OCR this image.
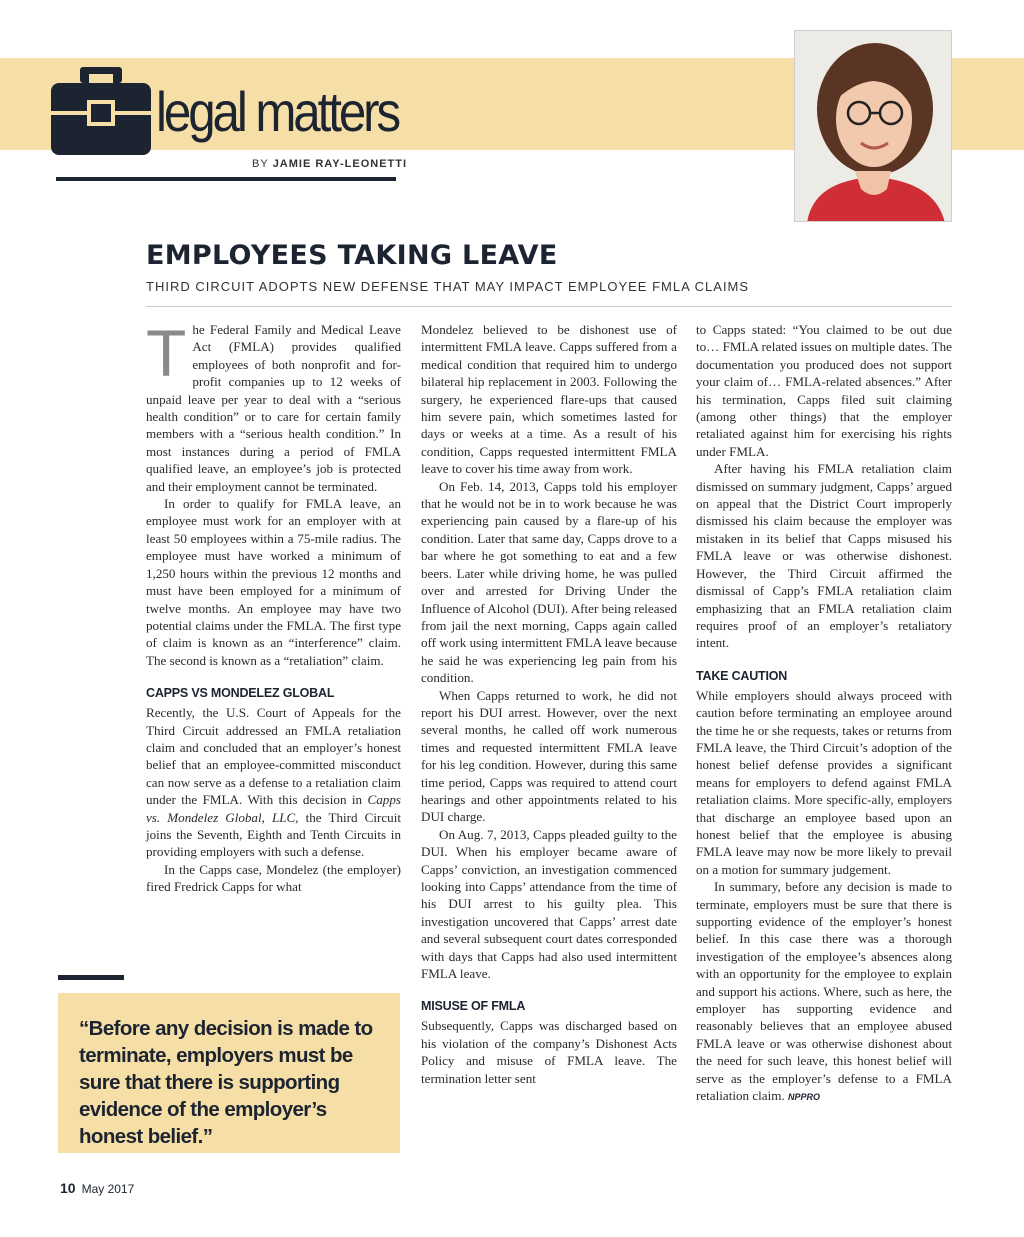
legal matters
BY JAMIE RAY-LEONETTI
EMPLOYEES TAKING LEAVE
THIRD CIRCUIT ADOPTS NEW DEFENSE THAT MAY IMPACT EMPLOYEE FMLA CLAIMS

The Federal Family and Medical Leave Act (FMLA) provides qualified employees of both nonprofit and for-profit companies up to 12 weeks of unpaid leave per year to deal with a “serious health condition” or to care for certain family members with a “serious health condition.” In most instances during a period of FMLA qualified leave, an employee’s job is protected and their employment cannot be terminated.

In order to qualify for FMLA leave, an employee must work for an employer with at least 50 employees within a 75-mile radius. The employee must have worked a minimum of 1,250 hours within the previous 12 months and must have been employed for a minimum of twelve months. An employee may have two potential claims under the FMLA. The first type of claim is known as an “interference” claim. The second is known as a “retaliation” claim.

CAPPS VS MONDELEZ GLOBAL

Recently, the U.S. Court of Appeals for the Third Circuit addressed an FMLA retaliation claim and concluded that an employer’s honest belief that an employee-committed misconduct can now serve as a defense to a retaliation claim under the FMLA. With this decision in Capps vs. Mondelez Global, LLC, the Third Circuit joins the Seventh, Eighth and Tenth Circuits in providing employers with such a defense.

In the Capps case, Mondelez (the employer) fired Fredrick Capps for what

Mondelez believed to be dishonest use of intermittent FMLA leave. Capps suffered from a medical condition that required him to undergo bilateral hip replacement in 2003. Following the surgery, he experienced flare-ups that caused him severe pain, which sometimes lasted for days or weeks at a time. As a result of his condition, Capps requested intermittent FMLA leave to cover his time away from work.

On Feb. 14, 2013, Capps told his employer that he would not be in to work because he was experiencing pain caused by a flare-up of his condition. Later that same day, Capps drove to a bar where he got something to eat and a few beers. Later while driving home, he was pulled over and arrested for Driving Under the Influence of Alcohol (DUI). After being released from jail the next morning, Capps again called off work using intermittent FMLA leave because he said he was experiencing leg pain from his condition.

When Capps returned to work, he did not report his DUI arrest. However, over the next several months, he called off work numerous times and requested intermittent FMLA leave for his leg condition. However, during this same time period, Capps was required to attend court hearings and other appointments related to his DUI charge.

On Aug. 7, 2013, Capps pleaded guilty to the DUI. When his employer became aware of Capps’ conviction, an investigation commenced looking into Capps’ attendance from the time of his DUI arrest to his guilty plea. This investigation uncovered that Capps’ arrest date and several subsequent court dates corresponded with days that Capps had also used intermittent FMLA leave.

MISUSE OF FMLA

Subsequently, Capps was discharged based on his violation of the company’s Dishonest Acts Policy and misuse of FMLA leave. The termination letter sent

to Capps stated: “You claimed to be out due to… FMLA related issues on multiple dates. The documentation you produced does not support your claim of… FMLA-related absences.” After his termination, Capps filed suit claiming (among other things) that the employer retaliated against him for exercising his rights under FMLA.

After having his FMLA retaliation claim dismissed on summary judgment, Capps’ argued on appeal that the District Court improperly dismissed his claim because the employer was mistaken in its belief that Capps misused his FMLA leave or was otherwise dishonest. However, the Third Circuit affirmed the dismissal of Capp’s FMLA retaliation claim emphasizing that an FMLA retaliation claim requires proof of an employer’s retaliatory intent.

TAKE CAUTION

While employers should always proceed with caution before terminating an employee around the time he or she requests, takes or returns from FMLA leave, the Third Circuit’s adoption of the honest belief defense provides a significant means for employers to defend against FMLA retaliation claims. More specific-ally, employers that discharge an employee based upon an honest belief that the employee is abusing FMLA leave may now be more likely to prevail on a motion for summary judgement.

In summary, before any decision is made to terminate, employers must be sure that there is supporting evidence of the employer’s honest belief. In this case there was a thorough investigation of the employee’s absences along with an opportunity for the employee to explain and support his actions. Where, such as here, the employer has supporting evidence and reasonably believes that an employee abused FMLA leave or was otherwise dishonest about the need for such leave, this honest belief will serve as the employer’s defense to a FMLA retaliation claim. NPPRO

“Before any decision is made to terminate, employers must be sure that there is supporting evidence of the employer’s honest belief.”
10 May 2017
